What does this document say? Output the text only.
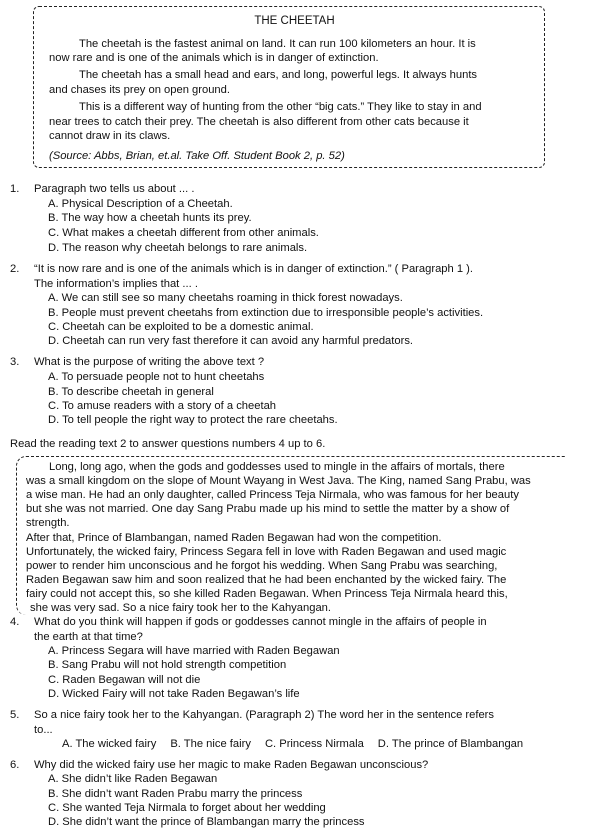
THE CHEETAH
The cheetah is the fastest animal on land. It can run 100 kilometers an hour. It is
now rare and is one of the animals which is in danger of extinction.
The cheetah has a small head and ears, and long, powerful legs. It always hunts
and chases its prey on open ground.
This is a different way of hunting from the other “big cats.” They like to stay in and
near trees to catch their prey. The cheetah is also different from other cats because it
cannot draw in its claws.
(Source: Abbs, Brian, et.al. Take Off. Student Book 2, p. 52)
1. Paragraph two tells us about ... .
A. Physical Description of a Cheetah.
B. The way how a cheetah hunts its prey.
C. What makes a cheetah different from other animals.
D. The reason why cheetah belongs to rare animals.
2. “It is now rare and is one of the animals which is in danger of extinction.” ( Paragraph 1 ).
The information’s implies that ... .
A. We can still see so many cheetahs roaming in thick forest nowadays.
B. People must prevent cheetahs from extinction due to irresponsible people’s activities.
C. Cheetah can be exploited to be a domestic animal.
D. Cheetah can run very fast therefore it can avoid any harmful predators.
3. What is the purpose of writing the above text ?
A. To persuade people not to hunt cheetahs
B. To describe cheetah in general
C. To amuse readers with a story of a cheetah
D. To tell people the right way to protect the rare cheetahs.
Read the reading text 2 to answer questions numbers 4 up to 6.
Long, long ago, when the gods and goddesses used to mingle in the affairs of mortals, there
was a small kingdom on the slope of Mount Wayang in West Java. The King, named Sang Prabu, was
a wise man. He had an only daughter, called Princess Teja Nirmala, who was famous for her beauty
but she was not married. One day Sang Prabu made up his mind to settle the matter by a show of
strength.
After that, Prince of Blambangan, named Raden Begawan had won the competition.
Unfortunately, the wicked fairy, Princess Segara fell in love with Raden Begawan and used magic
power to render him unconscious and he forgot his wedding. When Sang Prabu was searching,
Raden Begawan saw him and soon realized that he had been enchanted by the wicked fairy. The
fairy could not accept this, so she killed Raden Begawan. When Princess Teja Nirmala heard this,
she was very sad. So a nice fairy took her to the Kahyangan.
4. What do you think will happen if gods or goddesses cannot mingle in the affairs of people in
the earth at that time?
A. Princess Segara will have married with Raden Begawan
B. Sang Prabu will not hold strength competition
C. Raden Begawan will not die
D. Wicked Fairy will not take Raden Begawan’s life
5. So a nice fairy took her to the Kahyangan. (Paragraph 2) The word her in the sentence refers
to...
A. The wicked fairy B. The nice fairy C. Princess Nirmala D. The prince of Blambangan
6. Why did the wicked fairy use her magic to make Raden Begawan unconscious?
A. She didn’t like Raden Begawan
B. She didn’t want Raden Prabu marry the princess
C. She wanted Teja Nirmala to forget about her wedding
D. She didn’t want the prince of Blambangan marry the princess
